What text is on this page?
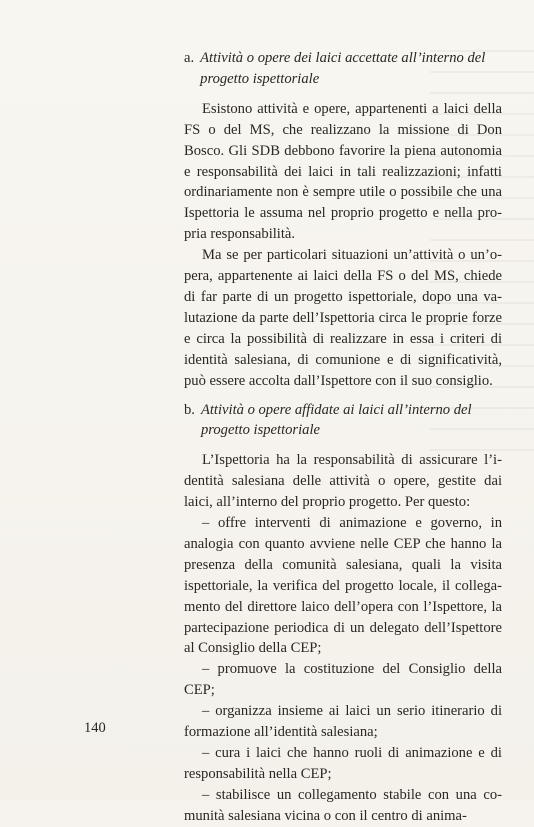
a. Attività o opere dei laici accettate all’interno del progetto ispettoriale

Esistono attività e opere, appartenenti a laici della FS o del MS, che realizzano la missione di Don Bosco. Gli SDB debbono favorire la piena autonomia e responsabilità dei laici in tali realizzazioni; infatti ordinariamente non è sempre utile o possibile che una Ispettoria le assuma nel proprio progetto e nella propria responsabilità.

Ma se per particolari situazioni un’attività o un’opera, appartenente ai laici della FS o del MS, chiede di far parte di un progetto ispettoriale, dopo una valutazione da parte dell’Ispettoria circa le proprie forze e circa la possibilità di realizzare in essa i criteri di identità salesiana, di comunione e di significatività, può essere accolta dall’Ispettore con il suo consiglio.

b. Attività o opere affidate ai laici all’interno del progetto ispettoriale

L’Ispettoria ha la responsabilità di assicurare l’identità salesiana delle attività o opere, gestite dai laici, all’interno del proprio progetto. Per questo:

– offre interventi di animazione e governo, in analogia con quanto avviene nelle CEP che hanno la presenza della comunità salesiana, quali la visita ispettoriale, la verifica del progetto locale, il collegamento del direttore laico dell’opera con l’Ispettore, la partecipazione periodica di un delegato dell’Ispettore al Consiglio della CEP;

– promuove la costituzione del Consiglio della CEP;

– organizza insieme ai laici un serio itinerario di formazione all’identità salesiana;

– cura i laici che hanno ruoli di animazione e di responsabilità nella CEP;

– stabilisce un collegamento stabile con una comunità salesiana vicina o con il centro di anima-

140
